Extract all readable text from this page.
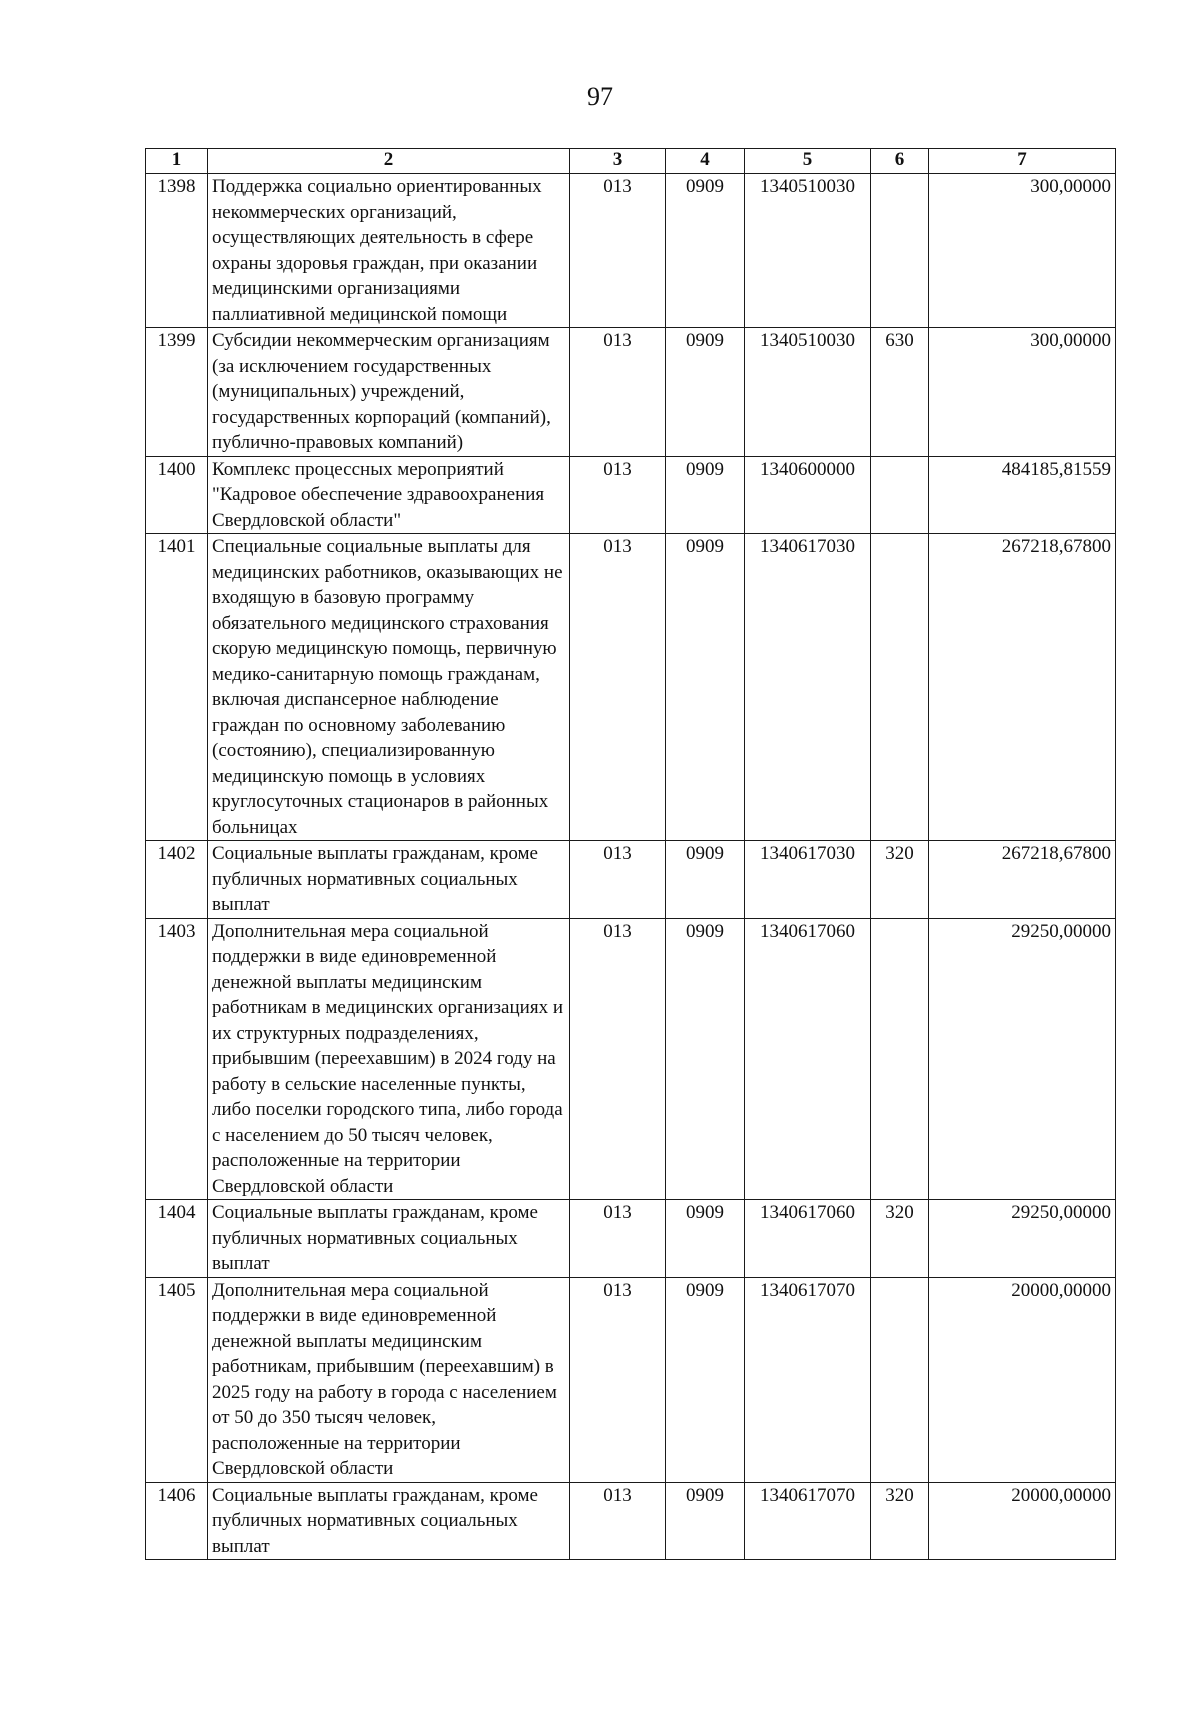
97
1	2	3	4	5	6	7
1398	Поддержка социально ориентированных некоммерческих организаций, осуществляющих деятельность в сфере охраны здоровья граждан, при оказании медицинскими организациями паллиативной медицинской помощи	013	0909	1340510030		300,00000
1399	Субсидии некоммерческим организациям (за исключением государственных (муниципальных) учреждений, государственных корпораций (компаний), публично-правовых компаний)	013	0909	1340510030	630	300,00000
1400	Комплекс процессных мероприятий "Кадровое обеспечение здравоохранения Свердловской области"	013	0909	1340600000		484185,81559
1401	Специальные социальные выплаты для медицинских работников, оказывающих не входящую в базовую программу обязательного медицинского страхования скорую медицинскую помощь, первичную медико-санитарную помощь гражданам, включая диспансерное наблюдение граждан по основному заболеванию (состоянию), специализированную медицинскую помощь в условиях круглосуточных стационаров в районных больницах	013	0909	1340617030		267218,67800
1402	Социальные выплаты гражданам, кроме публичных нормативных социальных выплат	013	0909	1340617030	320	267218,67800
1403	Дополнительная мера социальной поддержки в виде единовременной денежной выплаты медицинским работникам в медицинских организациях и их структурных подразделениях, прибывшим (переехавшим) в 2024 году на работу в сельские населенные пункты, либо поселки городского типа, либо города с населением до 50 тысяч человек, расположенные на территории Свердловской области	013	0909	1340617060		29250,00000
1404	Социальные выплаты гражданам, кроме публичных нормативных социальных выплат	013	0909	1340617060	320	29250,00000
1405	Дополнительная мера социальной поддержки в виде единовременной денежной выплаты медицинским работникам, прибывшим (переехавшим) в 2025 году на работу в города с населением от 50 до 350 тысяч человек, расположенные на территории Свердловской области	013	0909	1340617070		20000,00000
1406	Социальные выплаты гражданам, кроме публичных нормативных социальных выплат	013	0909	1340617070	320	20000,00000
